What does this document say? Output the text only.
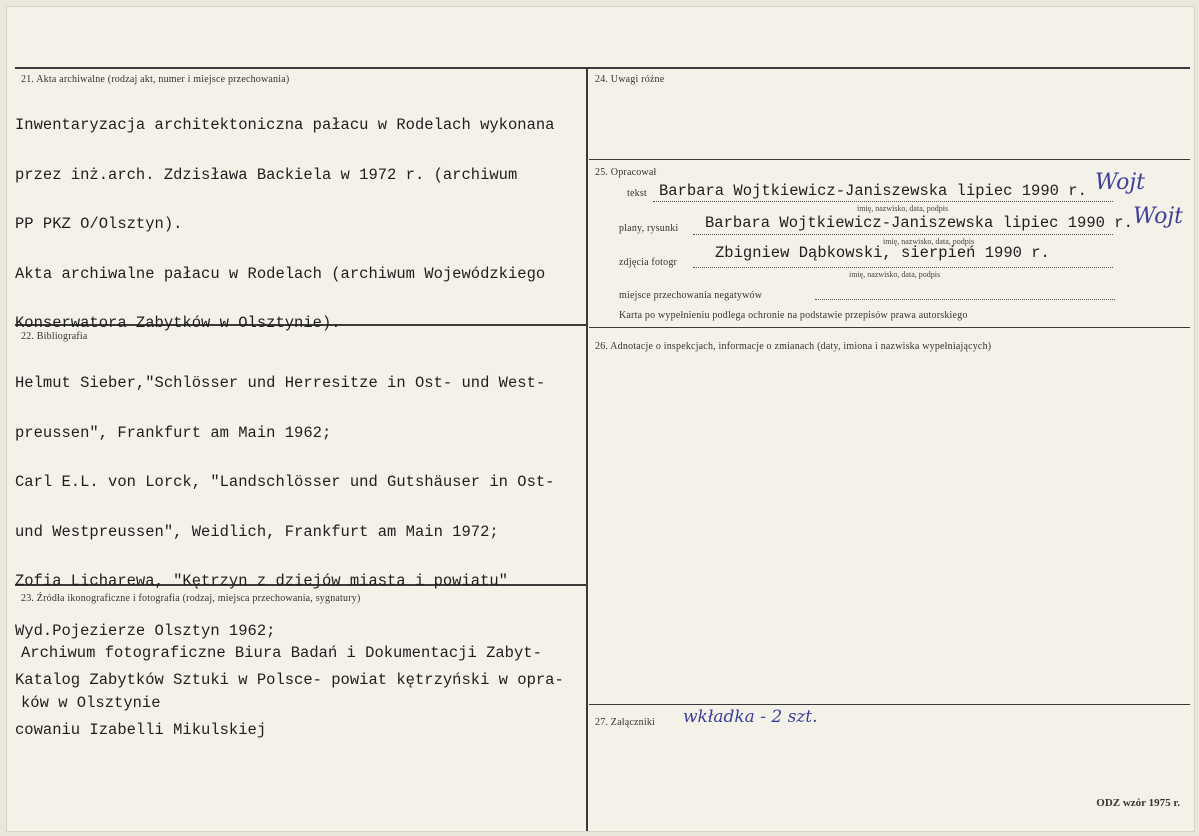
21. Akta archiwalne (rodzaj akt, numer i miejsce przechowania)

Inwentaryzacja architektoniczna pałacu w Rodelach wykonana

przez inż.arch. Zdzisława Backiela w 1972 r. (archiwum

PP PKZ O/Olsztyn).

Akta archiwalne pałacu w Rodelach (archiwum Wojewódzkiego

Konserwatora Zabytków w Olsztynie).

22. Bibliografia

Helmut Sieber,"Schlösser und Herresitze in Ost- und West-

preussen", Frankfurt am Main 1962;

Carl E.L. von Lorck, "Landschlösser und Gutshäuser in Ost-

und Westpreussen", Weidlich, Frankfurt am Main 1972;

Zofia Licharewa, "Kętrzyn z dziejów miasta i powiatu"

Wyd.Pojezierze Olsztyn 1962;

Katalog Zabytków Sztuki w Polsce- powiat kętrzyński w opra-

cowaniu Izabelli Mikulskiej

23. Źródła ikonograficzne i fotografia (rodzaj, miejsca przechowania, sygnatury)

Archiwum fotograficzne Biura Badań i Dokumentacji Zabyt-

ków w Olsztynie

24. Uwagi różne
25. Opracował
tekst Barbara Wojtkiewicz-Janiszewska lipiec 1990 r. Wojt
imię, nazwisko, data, podpis
plany, rysunki Barbara Wojtkiewicz-Janiszewska lipiec 1990 r. Wojt
imię, nazwisko, data, podpis
zdjęcia fotogr
Zbigniew Dąbkowski, sierpień 1990 r.
imię, nazwisko, data, podpis
miejsce przechowania negatywów
Karta po wypełnieniu podlega ochronie na podstawie przepisów prawa autorskiego
26. Adnotacje o inspekcjach, informacje o zmianach (daty, imiona i nazwiska wypełniających)
27. Załączniki wkładka - 2 szt.
ODZ wzór 1975 r.
